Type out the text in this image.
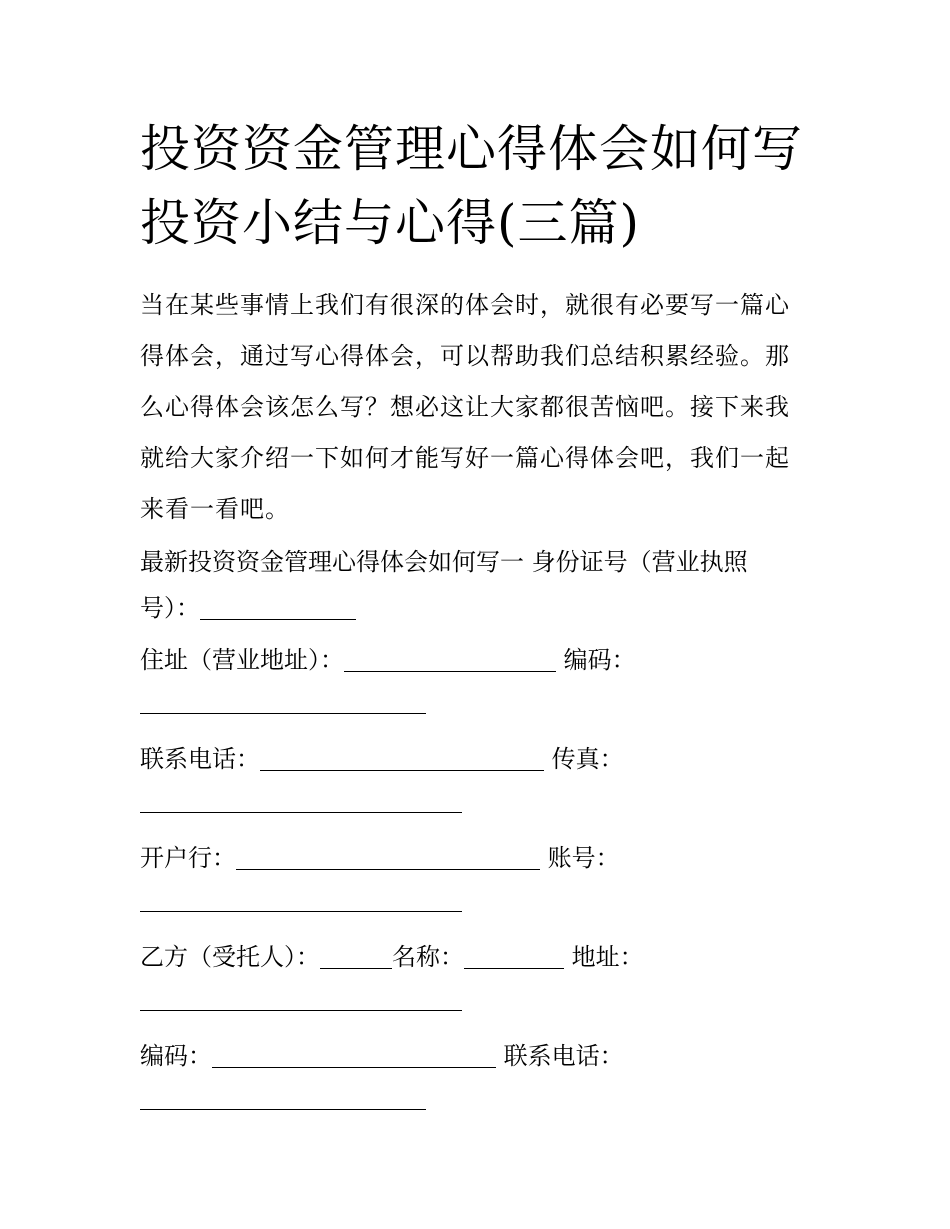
投资资金管理心得体会如何写
投资小结与心得(三篇)

当在某些事情上我们有很深的体会时，就很有必要写一篇心得体会，通过写心得体会，可以帮助我们总结积累经验。那么心得体会该怎么写？想必这让大家都很苦恼吧。接下来我就给大家介绍一下如何才能写好一篇心得体会吧，我们一起来看一看吧。

最新投资资金管理心得体会如何写一 身份证号（营业执照
号）：
住址（营业地址）：	编码：
联系电话：	传真：
开户行：	账号：
乙方（受托人）：	名称：	地址：
编码：	联系电话：
